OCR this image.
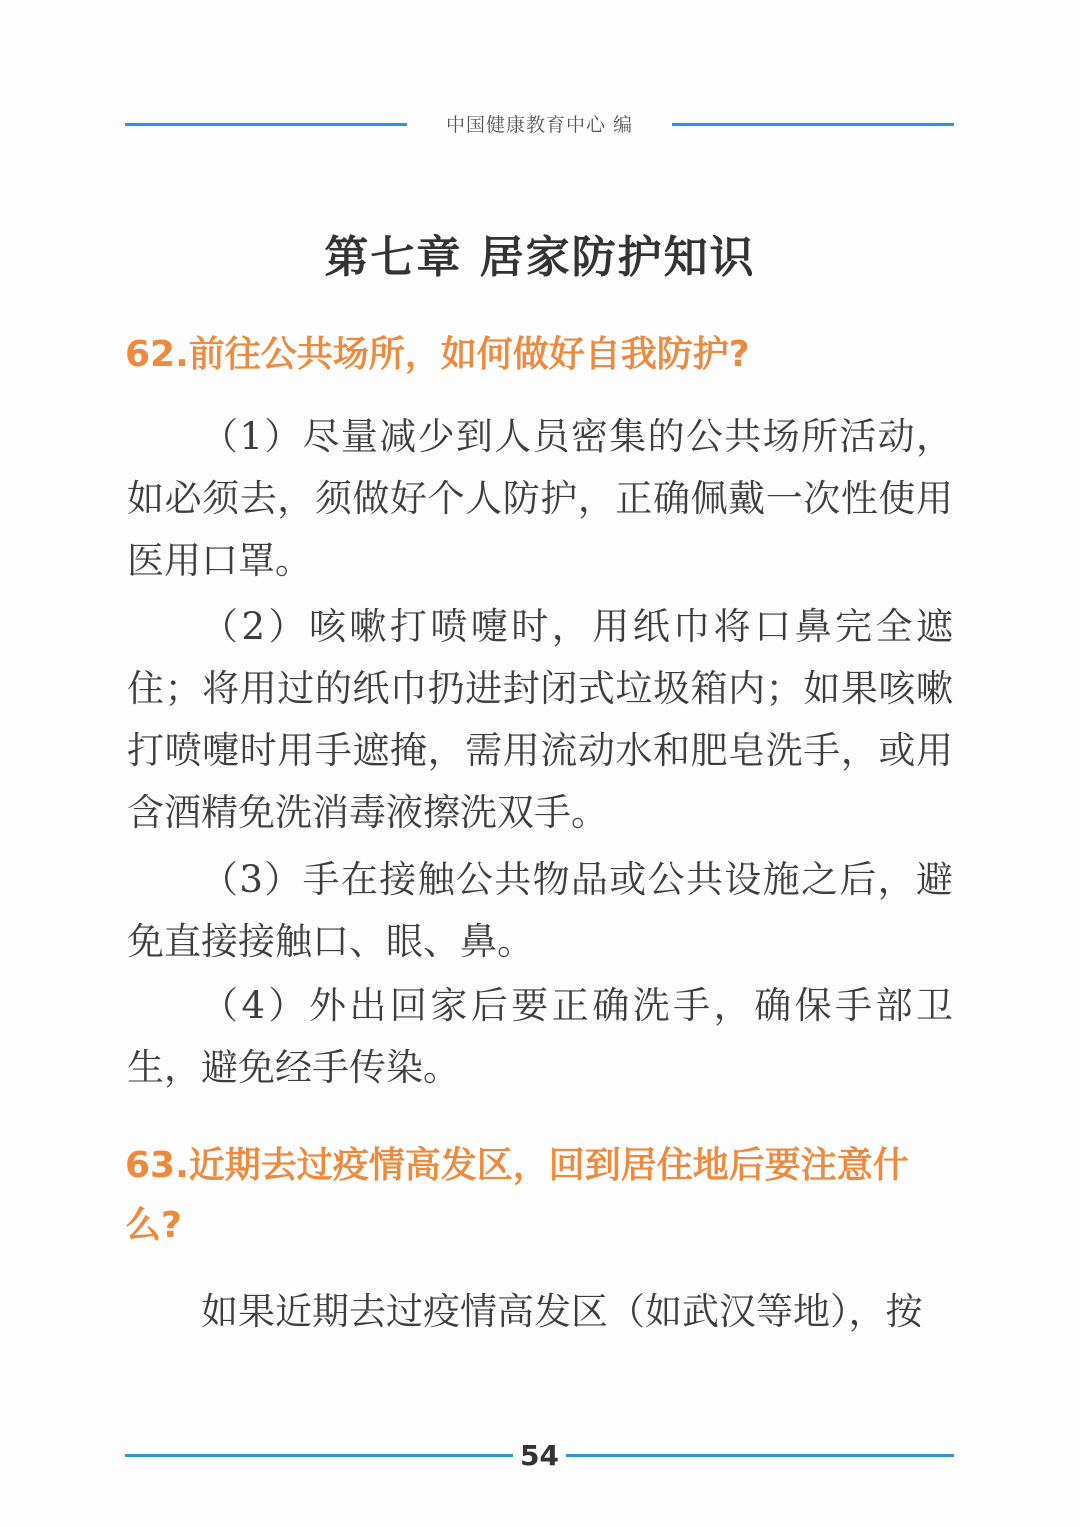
中国健康教育中心 编
第七章 居家防护知识
62.前往公共场所，如何做好自我防护?

（1）尽量减少到人员密集的公共场所活动，如必须去，须做好个人防护，正确佩戴一次性使用医用口罩。

（2）咳嗽打喷嚏时，用纸巾将口鼻完全遮住；将用过的纸巾扔进封闭式垃圾箱内；如果咳嗽打喷嚏时用手遮掩，需用流动水和肥皂洗手，或用含酒精免洗消毒液擦洗双手。

（3）手在接触公共物品或公共设施之后，避免直接接触口、眼、鼻。

（4）外出回家后要正确洗手，确保手部卫生，避免经手传染。

63.近期去过疫情高发区，回到居住地后要注意什么?

如果近期去过疫情高发区（如武汉等地），按

54
